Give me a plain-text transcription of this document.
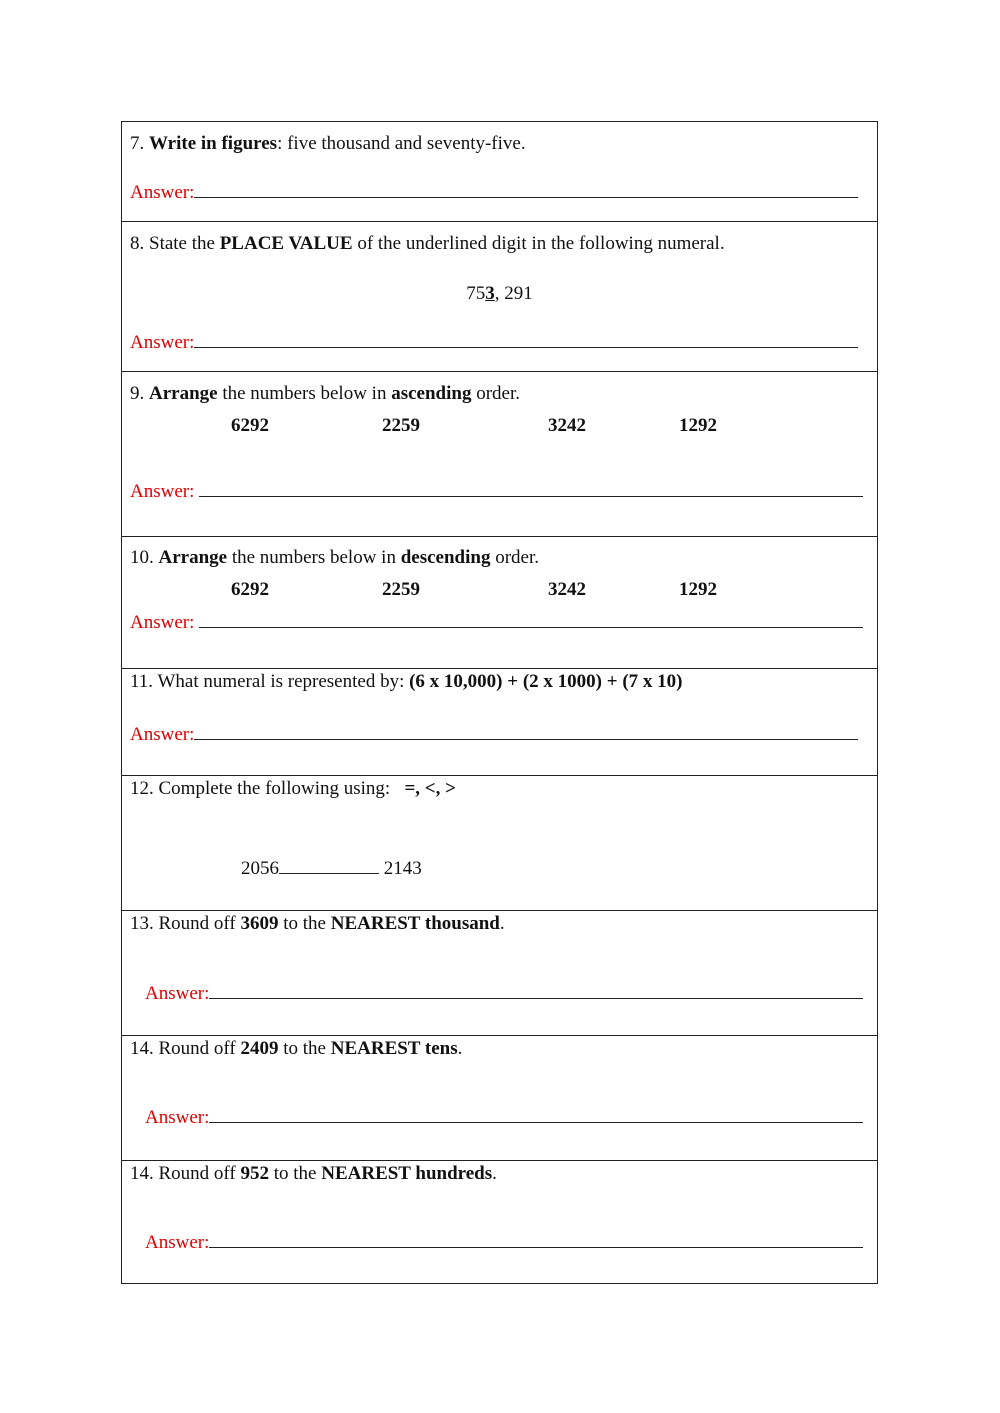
7. Write in figures: five thousand and seventy-five.
Answer:
8. State the PLACE VALUE of the underlined digit in the following numeral.
753, 291
Answer:
9. Arrange the numbers below in ascending order.
6292	2259	3242	1292
Answer:
10. Arrange the numbers below in descending order.
6292	2259	3242	1292
Answer:
11. What numeral is represented by: (6 x 10,000) + (2 x 1000) + (7 x 10)
Answer:
12. Complete the following using:   =, <, >
2056	2143
13. Round off 3609 to the NEAREST thousand.
Answer:
14. Round off 2409 to the NEAREST tens.
Answer:
14. Round off 952 to the NEAREST hundreds.
Answer:
